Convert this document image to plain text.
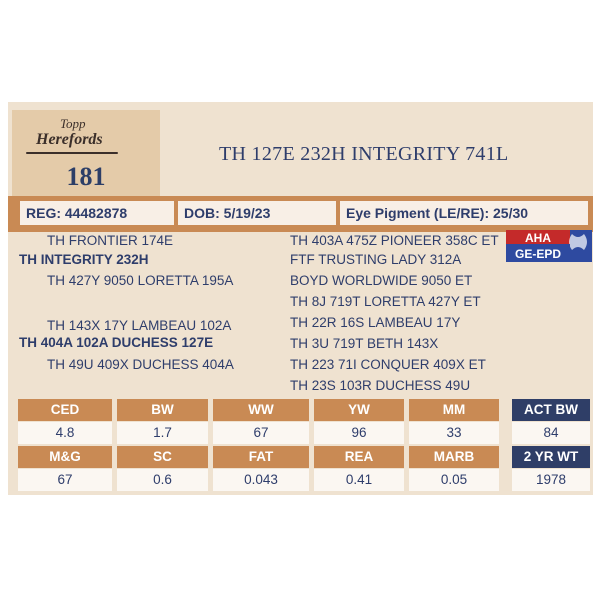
Topp
Herefords
181
TH 127E 232H INTEGRITY 741L
REG: 44482878	DOB: 5/19/23	Eye Pigment (LE/RE): 25/30
TH FRONTIER 174E
TH INTEGRITY 232H
TH 427Y 9050 LORETTA 195A
TH 143X 17Y LAMBEAU 102A
TH 404A 102A DUCHESS 127E
TH 49U 409X DUCHESS 404A
TH 403A 475Z PIONEER 358C ET
FTF TRUSTING LADY 312A
BOYD WORLDWIDE 9050 ET
TH 8J 719T LORETTA 427Y ET
TH 22R 16S LAMBEAU 17Y
TH 3U 719T BETH 143X
TH 223 71I CONQUER 409X ET
TH 23S 103R DUCHESS 49U
AHA
GE-EPD
CED	BW	WW	YW	MM
4.8	1.7	67	96	33
M&G	SC	FAT	REA	MARB
67	0.6	0.043	0.41	0.05
ACT BW
84
2 YR WT
1978
